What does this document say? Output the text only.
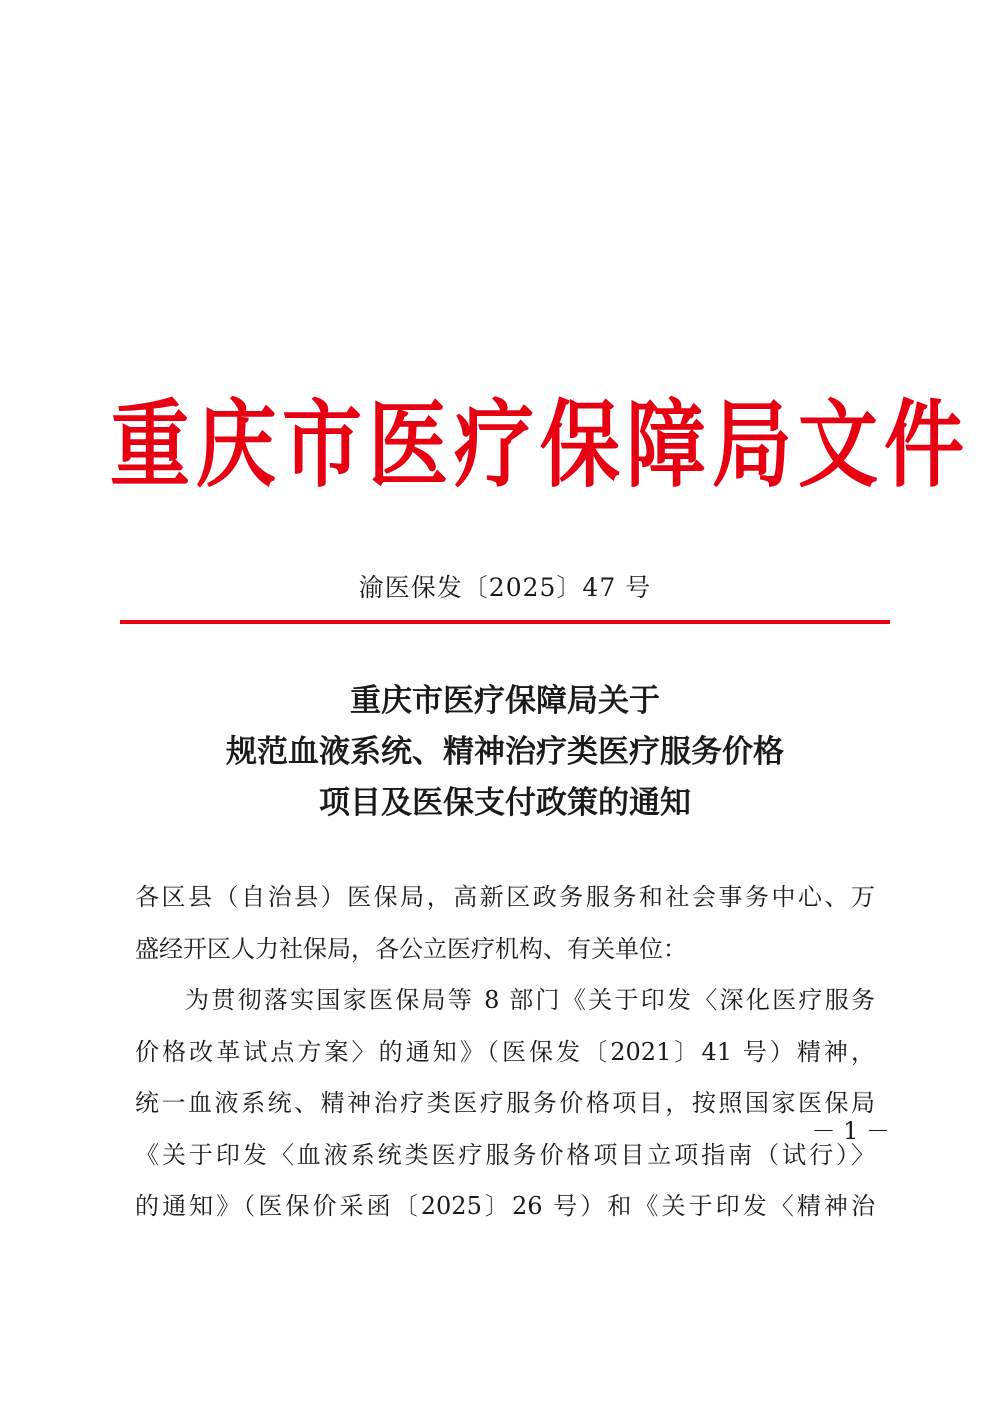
重庆市医疗保障局文件
渝医保发〔2025〕47 号
重庆市医疗保障局关于
规范血液系统、精神治疗类医疗服务价格
项目及医保支付政策的通知
各区县（自治县）医保局，高新区政务服务和社会事务中心、万
盛经开区人力社保局，各公立医疗机构、有关单位：
为贯彻落实国家医保局等 8 部门《关于印发〈深化医疗服务
价格改革试点方案〉的通知》（医保发〔2021〕41 号）精神，
统一血液系统、精神治疗类医疗服务价格项目，按照国家医保局
《关于印发〈血液系统类医疗服务价格项目立项指南（试行）〉
的通知》（医保价采函〔2025〕26 号）和《关于印发〈精神治
－ 1 －
